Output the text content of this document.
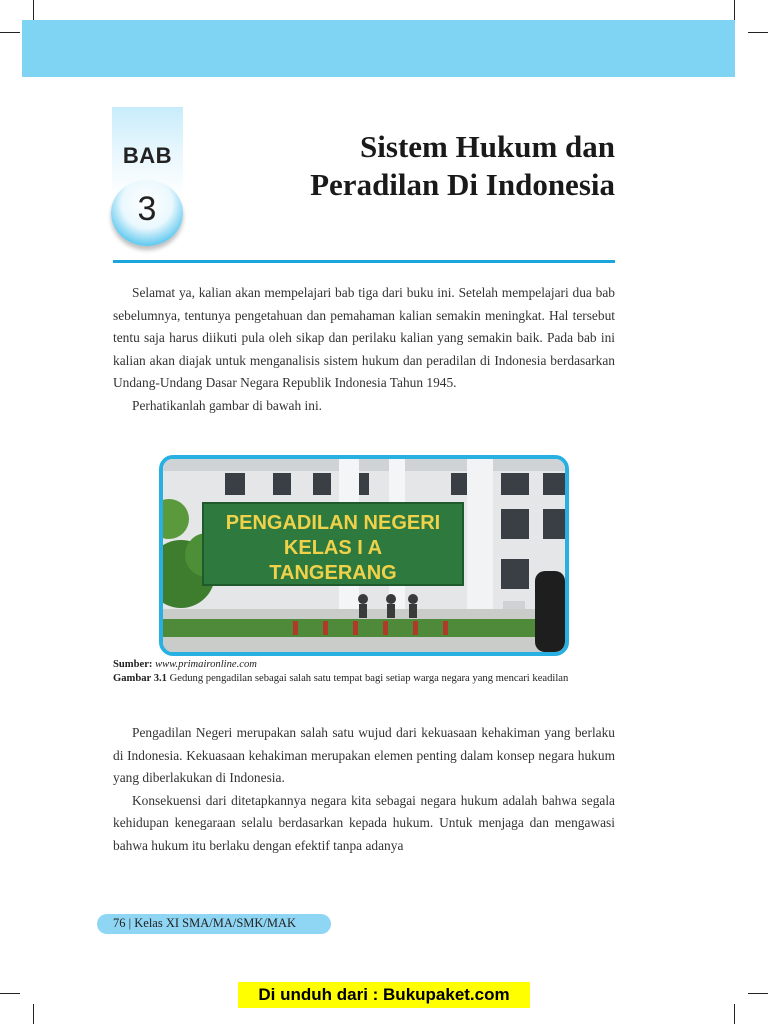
BAB
3
Sistem Hukum dan
Peradilan Di Indonesia

Selamat ya, kalian akan mempelajari bab tiga dari buku ini. Setelah mempelajari dua bab sebelumnya, tentunya pengetahuan dan pemahaman kalian semakin meningkat. Hal tersebut tentu saja harus diikuti pula oleh sikap dan perilaku kalian yang semakin baik. Pada bab ini kalian akan diajak untuk menganalisis sistem hukum dan peradilan di Indonesia berdasarkan Undang-Undang Dasar Negara Republik Indonesia Tahun 1945.

Perhatikanlah gambar di bawah ini.

PENGADILAN NEGERI
KELAS I A
TANGERANG
Sumber: www.primaironline.com
Gambar 3.1 Gedung pengadilan sebagai salah satu tempat bagi setiap warga negara yang mencari keadilan

Pengadilan Negeri merupakan salah satu wujud dari kekuasaan kehakiman yang berlaku di Indonesia. Kekuasaan kehakiman merupakan elemen penting dalam konsep negara hukum yang diberlakukan di Indonesia.

Konsekuensi dari ditetapkannya negara kita sebagai negara hukum adalah bahwa segala kehidupan kenegaraan selalu berdasarkan kepada hukum. Untuk menjaga dan mengawasi bahwa hukum itu berlaku dengan efektif tanpa adanya

76 | Kelas XI SMA/MA/SMK/MAK
Di unduh dari : Bukupaket.com
